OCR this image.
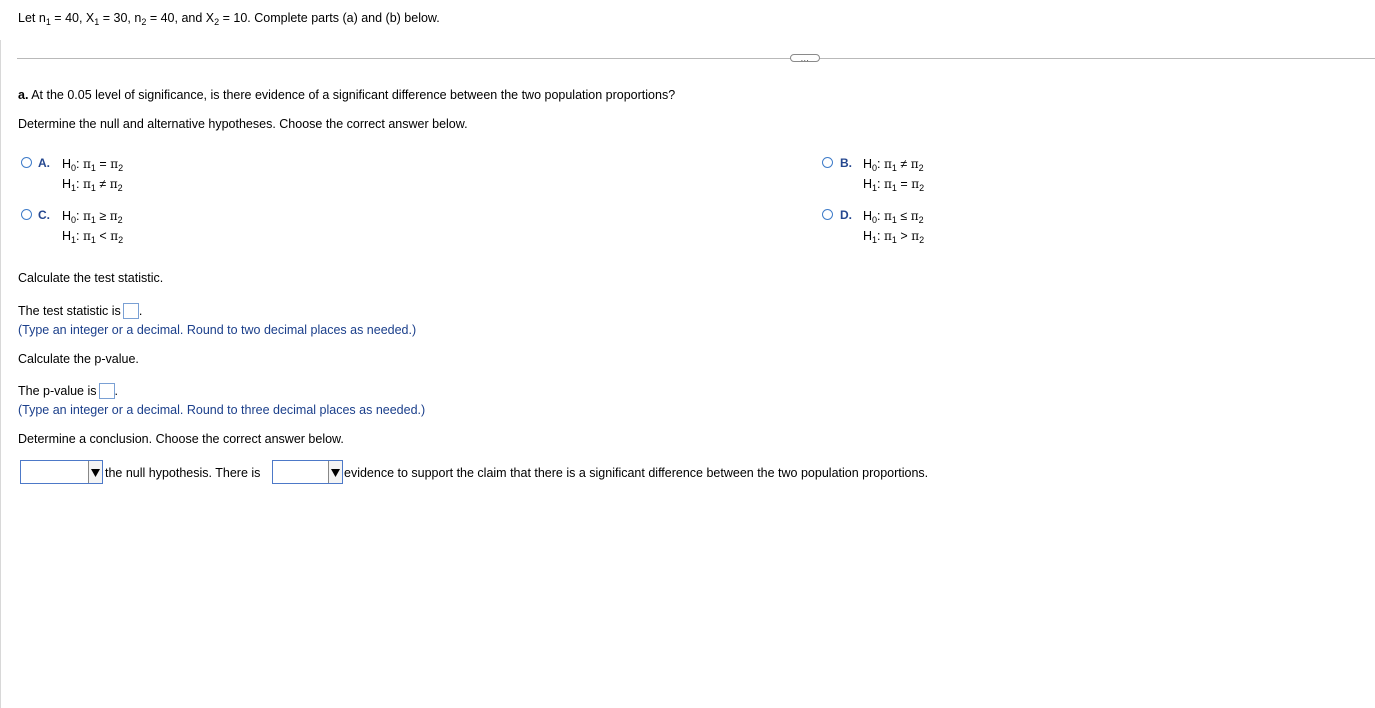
Let $n_1 = 40$, $X_1 = 30$, $n_2 = 40$, and $X_2 = 10$. Complete parts (a) and (b) below.
…
a. At the 0.05 level of significance, is there evidence of a significant difference between the two population proportions?
Determine the null and alternative hypotheses. Choose the correct answer below.
A. $H_0$: $\pi_1 = \pi_2$
$H_1$: $\pi_1 \ne \pi_2$
B. $H_0$: $\pi_1 \ne \pi_2$
$H_1$: $\pi_1 = \pi_2$
C. $H_0$: $\pi_1 \ge \pi_2$
$H_1$: $\pi_1 < \pi_2$
D. $H_0$: $\pi_1 \le \pi_2$
$H_1$: $\pi_1 > \pi_2$
Calculate the test statistic.
The test statistic is .
(Type an integer or a decimal. Round to two decimal places as needed.)
Calculate the p-value.
The p-value is .
(Type an integer or a decimal. Round to three decimal places as needed.)
Determine a conclusion. Choose the correct answer below.
the null hypothesis. There is	evidence to support the claim that there is a significant difference between the two population proportions.
